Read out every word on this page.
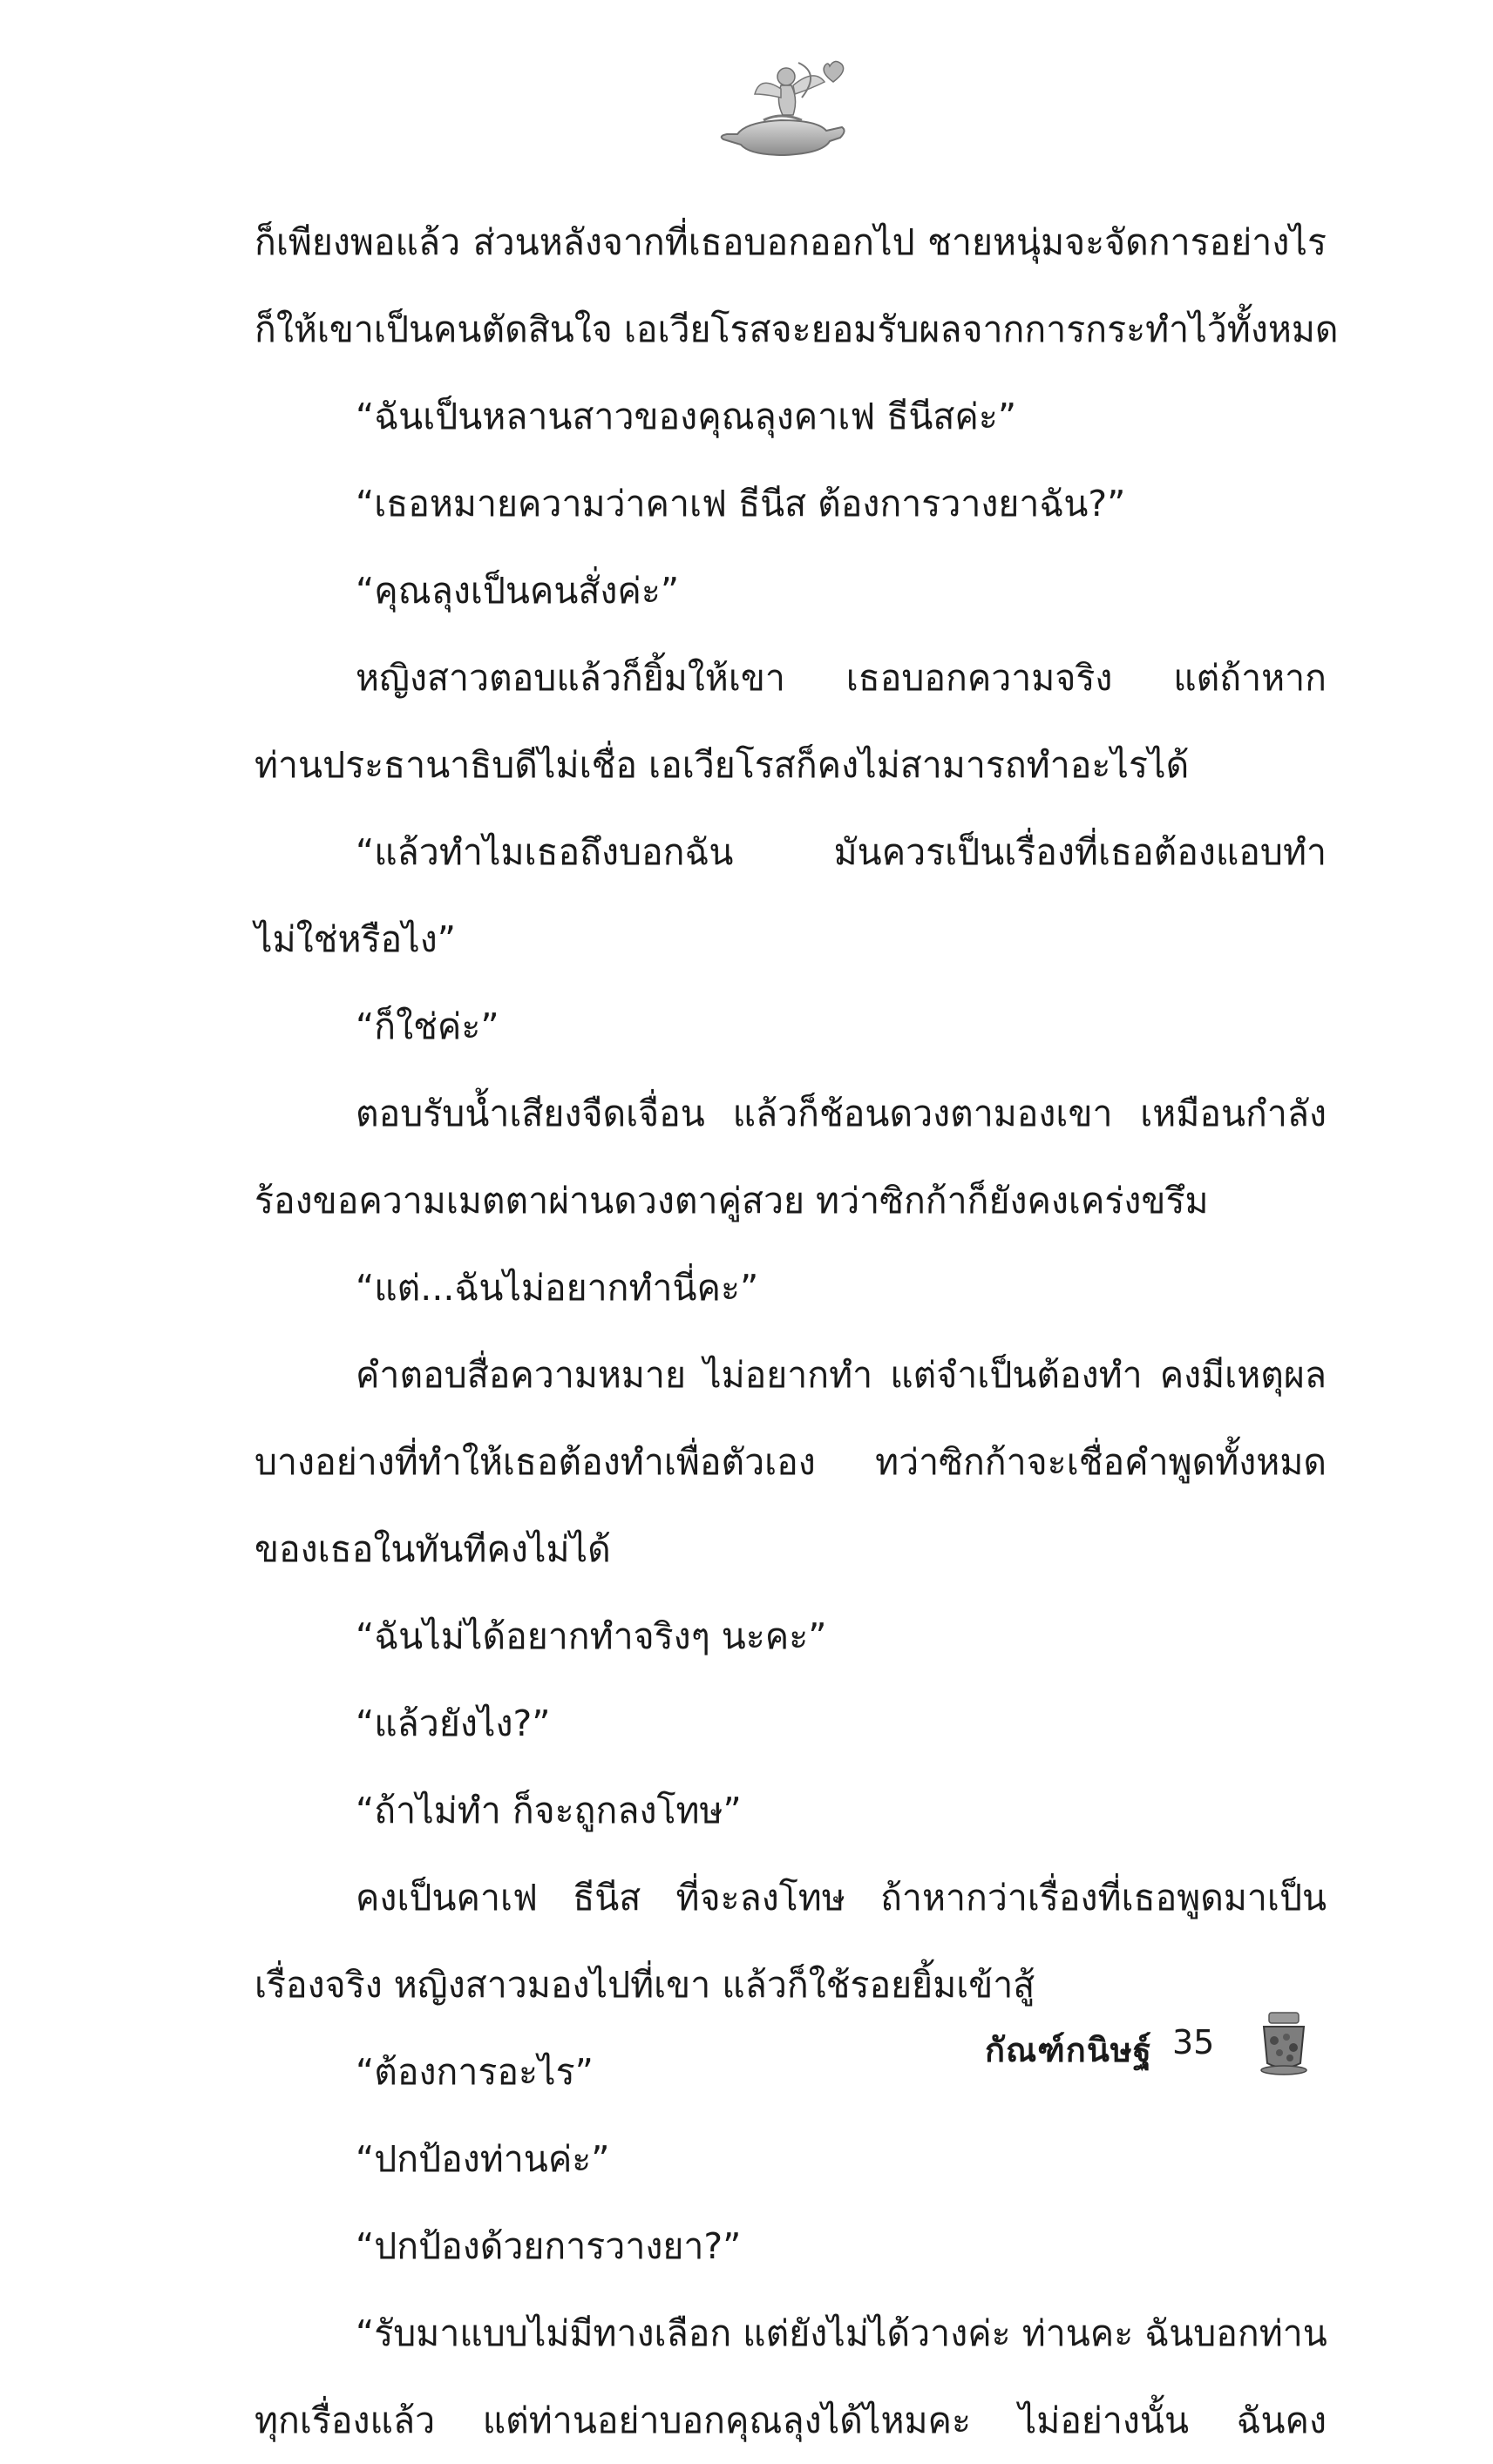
ก็เพียงพอแล้ว ส่วนหลังจากที่เธอบอกออกไป ชายหนุ่มจะจัดการอย่างไร
ก็ให้เขาเป็นคนตัดสินใจ เอเวียโรสจะยอมรับผลจากการกระทำไว้ทั้งหมด
“ฉันเป็นหลานสาวของคุณลุงคาเฟ ธีนีสค่ะ”
“เธอหมายความว่าคาเฟ ธีนีส ต้องการวางยาฉัน?”
“คุณลุงเป็นคนสั่งค่ะ”
หญิงสาวตอบแล้วก็ยิ้มให้เขา เธอบอกความจริง แต่ถ้าหาก
ท่านประธานาธิบดีไม่เชื่อ เอเวียโรสก็คงไม่สามารถทำอะไรได้
“แล้วทำไมเธอถึงบอกฉัน มันควรเป็นเรื่องที่เธอต้องแอบทำ
ไม่ใช่หรือไง”
“ก็ใช่ค่ะ”
ตอบรับน้ำเสียงจืดเจื่อน แล้วก็ช้อนดวงตามองเขา เหมือนกำลัง
ร้องขอความเมตตาผ่านดวงตาคู่สวย ทว่าซิกก้าก็ยังคงเคร่งขรึม
“แต่...ฉันไม่อยากทำนี่คะ”
คำตอบสื่อความหมาย ไม่อยากทำ แต่จำเป็นต้องทำ คงมีเหตุผล
บางอย่างที่ทำให้เธอต้องทำเพื่อตัวเอง ทว่าซิกก้าจะเชื่อคำพูดทั้งหมด
ของเธอในทันทีคงไม่ได้
“ฉันไม่ได้อยากทำจริงๆ นะคะ”
“แล้วยังไง?”
“ถ้าไม่ทำ ก็จะถูกลงโทษ”
คงเป็นคาเฟ ธีนีส ที่จะลงโทษ ถ้าหากว่าเรื่องที่เธอพูดมาเป็น
เรื่องจริง หญิงสาวมองไปที่เขา แล้วก็ใช้รอยยิ้มเข้าสู้
“ต้องการอะไร”
“ปกป้องท่านค่ะ”
“ปกป้องด้วยการวางยา?”
“รับมาแบบไม่มีทางเลือก แต่ยังไม่ได้วางค่ะ ท่านคะ ฉันบอกท่าน
ทุกเรื่องแล้ว แต่ท่านอย่าบอกคุณลุงได้ไหมคะ ไม่อย่างนั้น ฉันคง
กัณฑ์กนิษฐ์ 35
